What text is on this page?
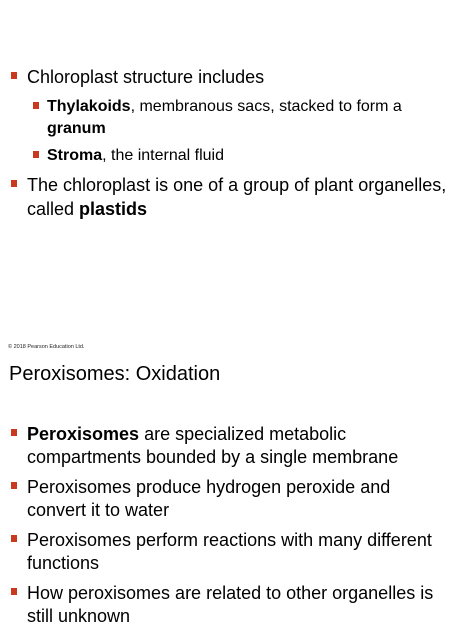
Chloroplast structure includes
Thylakoids, membranous sacs, stacked to form a
granum
Stroma, the internal fluid
The chloroplast is one of a group of plant organelles,
called plastids
© 2018 Pearson Education Ltd.
Peroxisomes: Oxidation
Peroxisomes are specialized metabolic
compartments bounded by a single membrane
Peroxisomes produce hydrogen peroxide and
convert it to water
Peroxisomes perform reactions with many different
functions
How peroxisomes are related to other organelles is
still unknown
